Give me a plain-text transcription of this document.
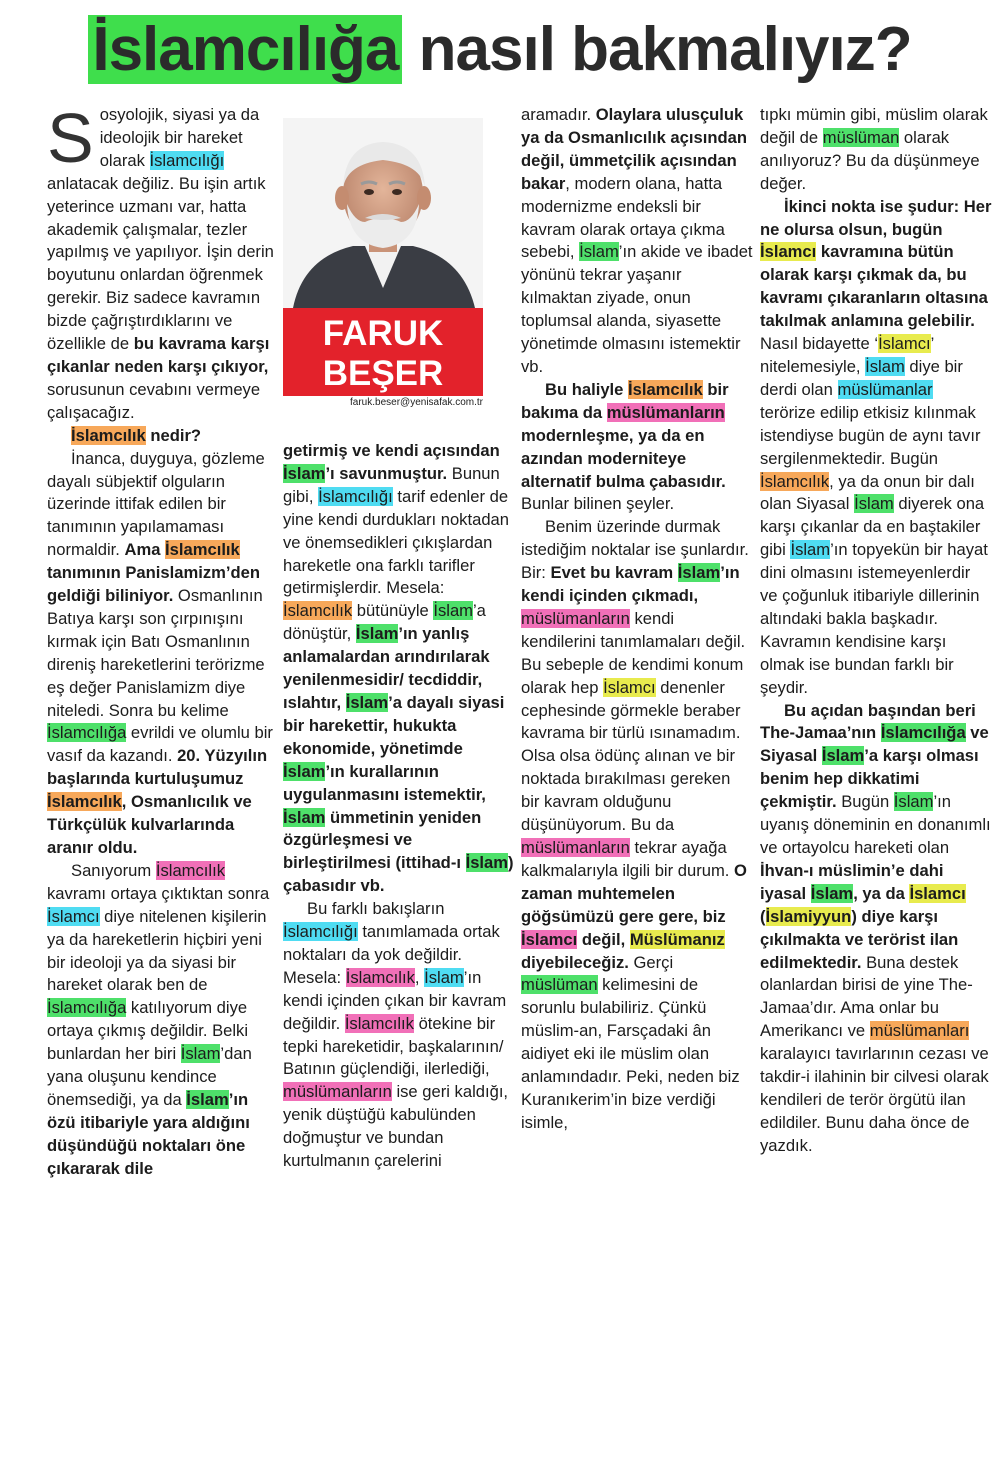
İslamcılığa nasıl bakmalıyız?
FARUK
BEŞER
faruk.beser@yenisafak.com.tr

Sosyolojik, siyasi ya da ideolojik bir hareket olarak İslamcılığı anlatacak değiliz. Bu işin artık yeterince uzmanı var, hatta akademik çalışmalar, tezler yapılmış ve yapılıyor. İşin derin boyutunu onlardan öğrenmek gerekir. Biz sadece kavramın bizde çağrıştırdıklarını ve özellikle de bu kavrama karşı çıkanlar neden karşı çıkıyor, sorusunun cevabını vermeye çalışacağız.

İslamcılık nedir?

İnanca, duyguya, gözleme dayalı sübjektif olguların üzerinde ittifak edilen bir tanımının yapılamaması normaldir. Ama İslamcılık tanımının Panislamizm’den geldiği biliniyor. Osmanlının Batıya karşı son çırpınışını kırmak için Batı Osmanlının direniş hareketlerini terörizme eş değer Panislamizm diye niteledi. Sonra bu kelime İslamcılığa evrildi ve olumlu bir vasıf da kazandı. 20. Yüzyılın başlarında kurtuluşumuz İslamcılık, Osmanlıcılık ve Türkçülük kulvarlarında aranır oldu.

Sanıyorum İslamcılık kavramı ortaya çıktıktan sonra İslamcı diye nitelenen kişilerin ya da hareketlerin hiçbiri yeni bir ideoloji ya da siyasi bir hareket olarak ben de İslamcılığa katılıyorum diye ortaya çıkmış değildir. Belki bunlardan her biri İslam’dan yana oluşunu kendince önemsediği, ya da İslam’ın özü itibariyle yara aldığını düşündüğü noktaları öne çıkararak dile

getirmiş ve kendi açısından İslam’ı savunmuştur. Bunun gibi, İslamcılığı tarif edenler de yine kendi durdukları noktadan ve önemsedikleri çıkışlardan hareketle ona farklı tarifler getirmişlerdir. Mesela: İslamcılık bütünüyle İslam’a dönüştür, İslam’ın yanlış anlamalardan arındırılarak yenilenmesidir/ tecdiddir, ıslahtır, İslam’a dayalı siyasi bir harekettir, hukukta ekonomide, yönetimde İslam’ın kurallarının uygulanmasını istemektir, İslam ümmetinin yeniden özgürleşmesi ve birleştirilmesi (ittihad-ı İslam) çabasıdır vb.

Bu farklı bakışların İslamcılığı tanımlamada ortak noktaları da yok değildir. Mesela: İslamcılık, İslam’ın kendi içinden çıkan bir kavram değildir. İslamcılık ötekine bir tepki hareketidir, başkalarının/ Batının güçlendiği, ilerlediği, müslümanların ise geri kaldığı, yenik düştüğü kabulünden doğmuştur ve bundan kurtulmanın çarelerini

aramadır. Olaylara ulusçuluk ya da Osmanlıcılık açısından değil, ümmetçilik açısından bakar, modern olana, hatta modernizme endeksli bir kavram olarak ortaya çıkma sebebi, İslam’ın akide ve ibadet yönünü tekrar yaşanır kılmaktan ziyade, onun toplumsal alanda, siyasette yönetimde olmasını istemektir vb.

Bu haliyle İslamcılık bir bakıma da müslümanların modernleşme, ya da en azından moderniteye alternatif bulma çabasıdır. Bunlar bilinen şeyler.

Benim üzerinde durmak istediğim noktalar ise şunlardır. Bir: Evet bu kavram İslam’ın kendi içinden çıkmadı, müslümanların kendi kendilerini tanımlamaları değil. Bu sebeple de kendimi konum olarak hep İslamcı denenler cephesinde görmekle beraber kavrama bir türlü ısınamadım. Olsa olsa ödünç alınan ve bir noktada bırakılması gereken bir kavram olduğunu düşünüyorum. Bu da müslümanların tekrar ayağa kalkmalarıyla ilgili bir durum. O zaman muhtemelen göğsümüzü gere gere, biz İslamcı değil, Müslümanız diyebileceğiz. Gerçi müslüman kelimesini de sorunlu bulabiliriz. Çünkü müslim-an, Farsçadaki ân aidiyet eki ile müslim olan anlamındadır. Peki, neden biz Kuranıkerim’in bize verdiği isimle,

tıpkı mümin gibi, müslim olarak değil de müslüman olarak anılıyoruz? Bu da düşünmeye değer.

İkinci nokta ise şudur: Her ne olursa olsun, bugün İslamcı kavramına bütün olarak karşı çıkmak da, bu kavramı çıkaranların oltasına takılmak anlamına gelebilir. Nasıl bidayette ‘İslamcı’ nitelemesiyle, İslam diye bir derdi olan müslümanlar terörize edilip etkisiz kılınmak istendiyse bugün de aynı tavır sergilenmektedir. Bugün İslamcılık, ya da onun bir dalı olan Siyasal İslam diyerek ona karşı çıkanlar da en baştakiler gibi İslam’ın topyekün bir hayat dini olmasını istemeyenlerdir ve çoğunluk itibariyle dillerinin altındaki bakla başkadır. Kavramın kendisine karşı olmak ise bundan farklı bir şeydir.

Bu açıdan başından beri The-Jamaa’nın İslamcılığa ve Siyasal İslam’a karşı olması benim hep dikkatimi çekmiştir. Bugün İslam’ın uyanış döneminin en donanımlı ve ortayolcu hareketi olan İhvan-ı müslimin’e dahi iyasal İslam, ya da İslamcı (İslamiyyun) diye karşı çıkılmakta ve terörist ilan edilmektedir. Buna destek olanlardan birisi de yine The-Jamaa’dır. Ama onlar bu Amerikancı ve müslümanları karalayıcı tavırlarının cezası ve takdir-i ilahinin bir cilvesi olarak kendileri de terör örgütü ilan edildiler. Bunu daha önce de yazdık.
